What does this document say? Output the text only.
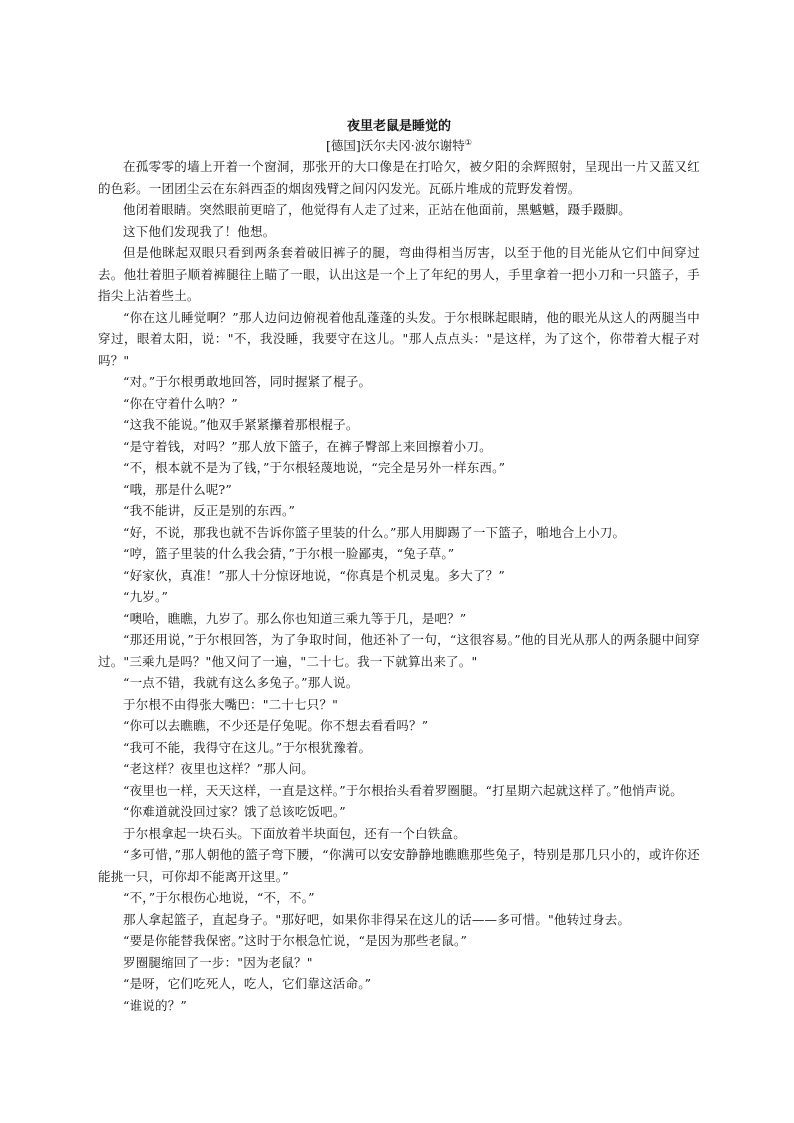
夜里老鼠是睡觉的
[德国]沃尔夫冈·波尔谢特①

在孤零零的墙上开着一个窗洞，那张开的大口像是在打哈欠，被夕阳的余辉照射，呈现出一片又蓝又红的色彩。一团团尘云在东斜西歪的烟囱残臂之间闪闪发光。瓦砾片堆成的荒野发着愣。

他闭着眼睛。突然眼前更暗了，他觉得有人走了过来，正站在他面前，黑魆魆，蹑手蹑脚。

这下他们发现我了！他想。

但是他眯起双眼只看到两条套着破旧裤子的腿，弯曲得相当厉害，以至于他的目光能从它们中间穿过去。他壮着胆子顺着裤腿往上瞄了一眼，认出这是一个上了年纪的男人，手里拿着一把小刀和一只篮子，手指尖上沾着些土。

“你在这儿睡觉啊？”那人边问边俯视着他乱蓬蓬的头发。于尔根眯起眼睛，他的眼光从这人的两腿当中穿过，眼着太阳，说："不，我没睡，我要守在这儿。"那人点点头："是这样，为了这个，你带着大棍子对吗？"

“对。”于尔根勇敢地回答，同时握紧了棍子。

“你在守着什么呐？”

“这我不能说。”他双手紧紧攥着那根棍子。

“是守着钱，对吗？”那人放下篮子，在裤子臀部上来回擦着小刀。

“不，根本就不是为了钱，”于尔根轻蔑地说，“完全是另外一样东西。”

“哦，那是什么呢?”

“我不能讲，反正是别的东西。”

“好，不说，那我也就不告诉你篮子里装的什么。”那人用脚踢了一下篮子，啪地合上小刀。

“哼，篮子里装的什么我会猜，”于尔根一脸鄙夷，“兔子草。”

“好家伙，真准！”那人十分惊讶地说，“你真是个机灵鬼。多大了？”

“九岁。”

“噢哈，瞧瞧，九岁了。那么你也知道三乘九等于几，是吧？”

“那还用说，”于尔根回答，为了争取时间，他还补了一句，“这很容易。”他的目光从那人的两条腿中间穿过。"三乘九是吗？"他又问了一遍，"二十七。我一下就算出来了。"

“一点不错，我就有这么多兔子。”那人说。

于尔根不由得张大嘴巴："二十七只？"

“你可以去瞧瞧，不少还是仔兔呢。你不想去看看吗？”

“我可不能，我得守在这儿。”于尔根犹豫着。

“老这样？夜里也这样？”那人问。

“夜里也一样，天天这样，一直是这样。”于尔根抬头看着罗圈腿。“打星期六起就这样了。”他悄声说。

“你难道就没回过家？饿了总该吃饭吧。”

于尔根拿起一块石头。下面放着半块面包，还有一个白铁盒。

“多可惜，”那人朝他的篮子弯下腰，“你满可以安安静静地瞧瞧那些兔子，特别是那几只小的，或许你还能挑一只，可你却不能离开这里。”

“不，”于尔根伤心地说，“不，不。”

那人拿起篮子，直起身子。"那好吧，如果你非得呆在这儿的话——多可惜。"他转过身去。

“要是你能替我保密。”这时于尔根急忙说，“是因为那些老鼠。”

罗圈腿缩回了一步："因为老鼠？"

“是呀，它们吃死人，吃人，它们靠这活命。”

“谁说的？”
